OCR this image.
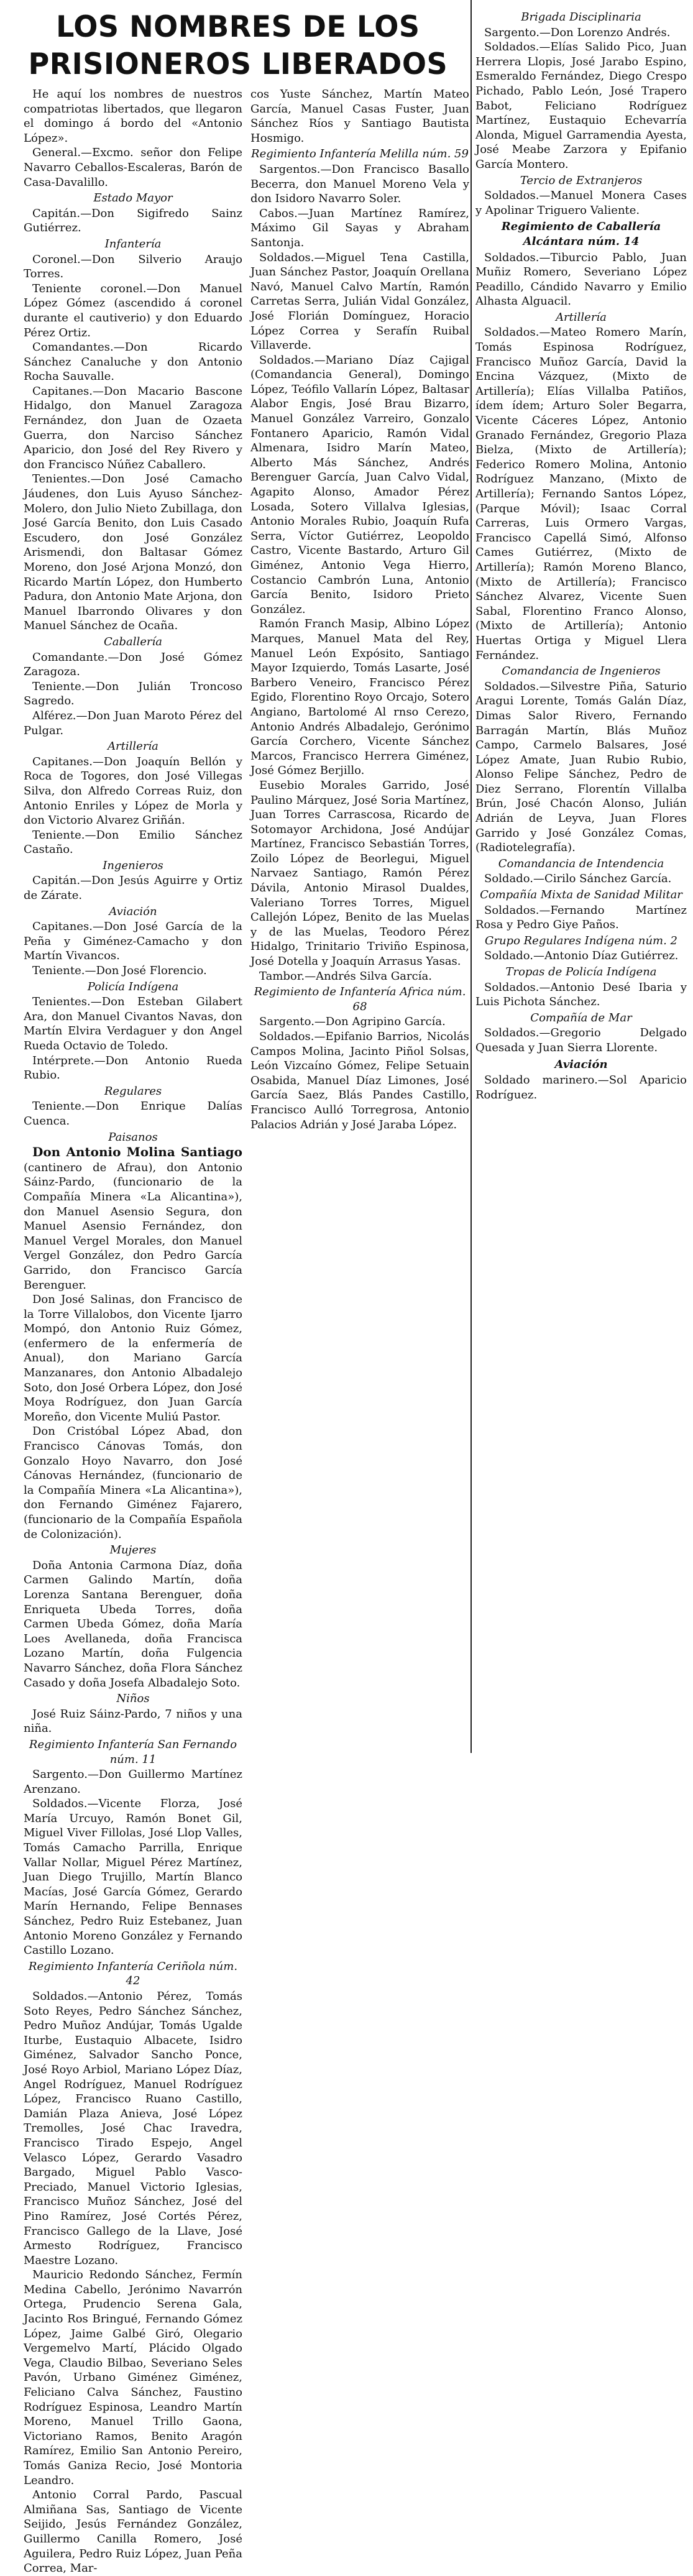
LOS NOMBRES DE LOS PRISIONEROS LIBERADOS

He aquí los nombres de nuestros compatriotas libertados, que llegaron el domingo á bordo del «Antonio López».

General.—Excmo. señor don Felipe Navarro Ceballos-Escaleras, Barón de Casa-Davalillo.

Estado Mayor

Capitán.—Don Sigifredo Sainz Gutiérrez.

Infantería

Coronel.—Don Silverio Araujo Torres.

Teniente coronel.—Don Manuel López Gómez (ascendido á coronel durante el cautiverio) y don Eduardo Pérez Ortiz.

Comandantes.—Don Ricardo Sánchez Canaluche y don Antonio Rocha Sauvalle.

Capitanes.—Don Macario Bascone Hidalgo, don Manuel Zaragoza Fernández, don Juan de Ozaeta Guerra, don Narciso Sánchez Aparicio, don José del Rey Rivero y don Francisco Núñez Caballero.

Tenientes.—Don José Camacho Jáudenes, don Luis Ayuso Sánchez-Molero, don Julio Nieto Zubillaga, don José García Benito, don Luis Casado Escudero, don José González Arismendi, don Baltasar Gómez Moreno, don José Arjona Monzó, don Ricardo Martín López, don Humberto Padura, don Antonio Mate Arjona, don Manuel Ibarrondo Olivares y don Manuel Sánchez de Ocaña.

Caballería

Comandante.—Don José Gómez Zaragoza.

Teniente.—Don Julián Troncoso Sagredo.

Alférez.—Don Juan Maroto Pérez del Pulgar.

Artillería

Capitanes.—Don Joaquín Bellón y Roca de Togores, don José Villegas Silva, don Alfredo Correas Ruiz, don Antonio Enriles y López de Morla y don Victorio Alvarez Griñán.

Teniente.—Don Emilio Sánchez Castaño.

Ingenieros

Capitán.—Don Jesús Aguirre y Ortiz de Zárate.

Aviación

Capitanes.—Don José García de la Peña y Giménez-Camacho y don Martín Vivancos.

Teniente.—Don José Florencio.

Policía Indígena

Tenientes.—Don Esteban Gilabert Ara, don Manuel Civantos Navas, don Martín Elvira Verdaguer y don Angel Rueda Octavio de Toledo.

Intérprete.—Don Antonio Rueda Rubio.

Regulares

Teniente.—Don Enrique Dalías Cuenca.

Paisanos

Don Antonio Molina Santiago (cantinero de Afrau), don Antonio Sáinz-Pardo, (funcionario de la Compañía Minera «La Alicantina»), don Manuel Asensio Segura, don Manuel Asensio Fernández, don Manuel Vergel Morales, don Manuel Vergel González, don Pedro García Garrido, don Francisco García Berenguer.

Don José Salinas, don Francisco de la Torre Villalobos, don Vicente Ijarro Mompó, don Antonio Ruiz Gómez, (enfermero de la enfermería de Anual), don Mariano García Manzanares, don Antonio Albadalejo Soto, don José Orbera López, don José Moya Rodríguez, don Juan García Moreño, don Vicente Muliú Pastor.

Don Cristóbal López Abad, don Francisco Cánovas Tomás, don Gonzalo Hoyo Navarro, don José Cánovas Hernández, (funcionario de la Compañía Minera «La Alicantina»), don Fernando Giménez Fajarero, (funcionario de la Compañía Española de Colonización).

Mujeres

Doña Antonia Carmona Díaz, doña Carmen Galindo Martín, doña Lorenza Santana Berenguer, doña Enriqueta Ubeda Torres, doña Carmen Ubeda Gómez, doña María Loes Avellaneda, doña Francisca Lozano Martín, doña Fulgencia Navarro Sánchez, doña Flora Sánchez Casado y doña Josefa Albadalejo Soto.

Niños

José Ruiz Sáinz-Pardo, 7 niños y una niña.

Regimiento Infantería San Fernando núm. 11

Sargento.—Don Guillermo Martínez Arenzano.

Soldados.—Vicente Florza, José María Urcuyo, Ramón Bonet Gil, Miguel Viver Fillolas, José Llop Valles, Tomás Camacho Parrilla, Enrique Vallar Nollar, Miguel Pérez Martínez, Juan Diego Trujillo, Martín Blanco Macías, José García Gómez, Gerardo Marín Hernando, Felipe Bennases Sánchez, Pedro Ruiz Estebanez, Juan Antonio Moreno González y Fernando Castillo Lozano.

Regimiento Infantería Ceriñola núm. 42

Soldados.—Antonio Pérez, Tomás Soto Reyes, Pedro Sánchez Sánchez, Pedro Muñoz Andújar, Tomás Ugalde Iturbe, Eustaquio Albacete, Isidro Giménez, Salvador Sancho Ponce, José Royo Arbiol, Mariano López Díaz, Angel Rodríguez, Manuel Rodríguez López, Francisco Ruano Castillo, Damián Plaza Anieva, José López Tremolles, José Chac Iravedra, Francisco Tirado Espejo, Angel Velasco López, Gerardo Vasadro Bargado, Miguel Pablo Vasco-Preciado, Manuel Victorio Iglesias, Francisco Muñoz Sánchez, José del Pino Ramírez, José Cortés Pérez, Francisco Gallego de la Llave, José Armesto Rodríguez, Francisco Maestre Lozano.

Mauricio Redondo Sánchez, Fermín Medina Cabello, Jerónimo Navarrón Ortega, Prudencio Serena Gala, Jacinto Ros Bringué, Fernando Gómez López, Jaime Galbé Giró, Olegario Vergemelvo Martí, Plácido Olgado Vega, Claudio Bilbao, Severiano Seles Pavón, Urbano Giménez Giménez, Feliciano Calva Sánchez, Faustino Rodríguez Espinosa, Leandro Martín Moreno, Manuel Trillo Gaona, Victoriano Ramos, Benito Aragón Ramírez, Emilio San Antonio Pereiro, Tomás Ganiza Recio, José Montoria Leandro.

Antonio Corral Pardo, Pascual Almiñana Sas, Santiago de Vicente Seijido, Jesús Fernández González, Guillermo Canilla Romero, José Aguilera, Pedro Ruiz López, Juan Peña Correa, Mar-

cos Yuste Sánchez, Martín Mateo García, Manuel Casas Fuster, Juan Sánchez Ríos y Santiago Bautista Hosmigo.

Regimiento Infantería Melilla núm. 59

Sargentos.—Don Francisco Basallo Becerra, don Manuel Moreno Vela y don Isidoro Navarro Soler.

Cabos.—Juan Martínez Ramírez, Máximo Gil Sayas y Abraham Santonja.

Soldados.—Miguel Tena Castilla, Juan Sánchez Pastor, Joaquín Orellana Navó, Manuel Calvo Martín, Ramón Carretas Serra, Julián Vidal González, José Florián Domínguez, Horacio López Correa y Serafín Ruibal Villaverde.

Soldados.—Mariano Díaz Cajigal (Comandancia General), Domingo López, Teófilo Vallarín López, Baltasar Alabor Engis, José Brau Bizarro, Manuel González Varreiro, Gonzalo Fontanero Aparicio, Ramón Vidal Almenara, Isidro Marín Mateo, Alberto Más Sánchez, Andrés Berenguer García, Juan Calvo Vidal, Agapito Alonso, Amador Pérez Losada, Sotero Villalva Iglesias, Antonio Morales Rubio, Joaquín Rufa Serra, Víctor Gutiérrez, Leopoldo Castro, Vicente Bastardo, Arturo Gil Giménez, Antonio Vega Hierro, Costancio Cambrón Luna, Antonio García Benito, Isidoro Prieto González.

Ramón Franch Masip, Albino López Marques, Manuel Mata del Rey, Manuel León Expósito, Santiago Mayor Izquierdo, Tomás Lasarte, José Barbero Veneiro, Francisco Pérez Egido, Florentino Royo Orcajo, Sotero Angiano, Bartolomé Al rnso Cerezo, Antonio Andrés Albadalejo, Gerónimo García Corchero, Vicente Sánchez Marcos, Francisco Herrera Giménez, José Gómez Berjillo.

Eusebio Morales Garrido, José Paulino Márquez, José Soria Martínez, Juan Torres Carrascosa, Ricardo de Sotomayor Archidona, José Andújar Martínez, Francisco Sebastián Torres, Zoilo López de Beorlegui, Miguel Narvaez Santiago, Ramón Pérez Dávila, Antonio Mirasol Dualdes, Valeriano Torres Torres, Miguel Callejón López, Benito de las Muelas y de las Muelas, Teodoro Pérez Hidalgo, Trinitario Triviño Espinosa, José Dotella y Joaquín Arrasus Yasas.

Tambor.—Andrés Silva García.

Regimiento de Infantería Africa núm. 68

Sargento.—Don Agripino García.

Soldados.—Epifanio Barrios, Nicolás Campos Molina, Jacinto Piñol Solsas, León Vizcaíno Gómez, Felipe Setuain Osabida, Manuel Díaz Limones, José García Saez, Blás Pandes Castillo, Francisco Aulló Torregrosa, Antonio Palacios Adrián y José Jaraba López.

Brigada Disciplinaria

Sargento.—Don Lorenzo Andrés.

Soldados.—Elías Salido Pico, Juan Herrera Llopis, José Jarabo Espino, Esmeraldo Fernández, Diego Crespo Pichado, Pablo León, José Trapero Babot, Feliciano Rodríguez Martínez, Eustaquio Echevarría Alonda, Miguel Garramendia Ayesta, José Meabe Zarzora y Epifanio García Montero.

Tercio de Extranjeros

Soldados.—Manuel Monera Cases y Apolinar Triguero Valiente.

Regimiento de Caballería Alcántara núm. 14

Soldados.—Tiburcio Pablo, Juan Muñiz Romero, Severiano López Peadillo, Cándido Navarro y Emilio Alhasta Alguacil.

Artillería

Soldados.—Mateo Romero Marín, Tomás Espinosa Rodríguez, Francisco Muñoz García, David la Encina Vázquez, (Mixto de Artillería); Elías Villalba Patiños, ídem ídem; Arturo Soler Begarra, Vicente Cáceres López, Antonio Granado Fernández, Gregorio Plaza Bielza, (Mixto de Artillería); Federico Romero Molina, Antonio Rodríguez Manzano, (Mixto de Artillería); Fernando Santos López, (Parque Móvil); Isaac Corral Carreras, Luis Ormero Vargas, Francisco Capellá Simó, Alfonso Cames Gutiérrez, (Mixto de Artillería); Ramón Moreno Blanco, (Mixto de Artillería); Francisco Sánchez Alvarez, Vicente Suen Sabal, Florentino Franco Alonso, (Mixto de Artillería); Antonio Huertas Ortiga y Miguel Llera Fernández.

Comandancia de Ingenieros

Soldados.—Silvestre Piña, Saturio Aragui Lorente, Tomás Galán Díaz, Dimas Salor Rivero, Fernando Barragán Martín, Blás Muñoz Campo, Carmelo Balsares, José López Amate, Juan Rubio Rubio, Alonso Felipe Sánchez, Pedro de Diez Serrano, Florentín Villalba Brún, José Chacón Alonso, Julián Adrián de Leyva, Juan Flores Garrido y José González Comas, (Radiotelegrafía).

Comandancia de Intendencia

Soldado.—Cirilo Sánchez García.

Compañía Mixta de Sanidad Militar

Soldados.—Fernando Martínez Rosa y Pedro Giye Paños.

Grupo Regulares Indígena núm. 2

Soldado.—Antonio Díaz Gutiérrez.

Tropas de Policía Indígena

Soldados.—Antonio Desé Ibaria y Luis Pichota Sánchez.

Compañía de Mar

Soldados.—Gregorio Delgado Quesada y Juan Sierra Llorente.

Aviación

Soldado marinero.—Sol Aparicio Rodríguez.
